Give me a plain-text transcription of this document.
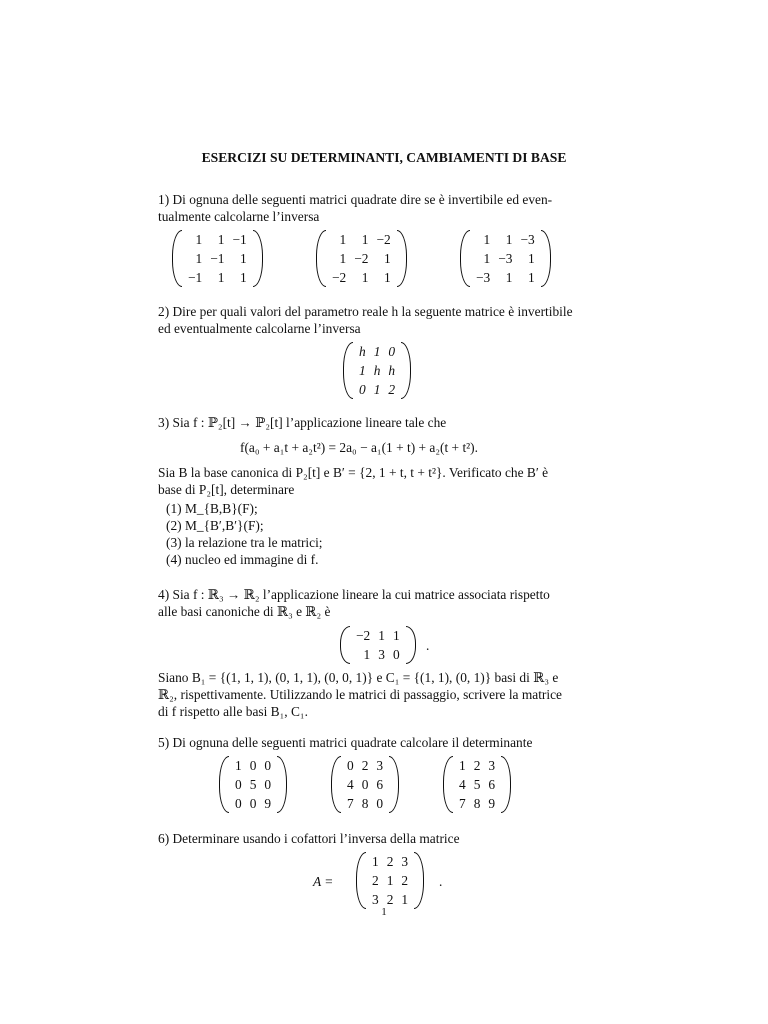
ESERCIZI SU DETERMINANTI, CAMBIAMENTI DI BASE
1) Di ognuna delle seguenti matrici quadrate dire se è invertibile ed even-
tualmente calcolarne l’inversa
1	1	−1
1	−1	1
−1	1	1
1	1	−2
1	−2	1
−2	1	1
1	1	−3
1	−3	1
−3	1	1
2) Dire per quali valori del parametro reale h la seguente matrice è invertibile
ed eventualmente calcolarne l’inversa
h	1	0
1	h	h
0	1	2
3) Sia f : ℙ₂[t] → ℙ₂[t] l’applicazione lineare tale che
f(a₀ + a₁t + a₂t²) = 2a₀ − a₁(1 + t) + a₂(t + t²).
Sia B la base canonica di P₂[t] e B′ = {2, 1 + t, t + t²}. Verificato che B′ è
base di P₂[t], determinare
(1) M_{B,B}(F);
(2) M_{B′,B′}(F);
(3) la relazione tra le matrici;
(4) nucleo ed immagine di f.
4) Sia f : ℝ₃ → ℝ₂ l’applicazione lineare la cui matrice associata rispetto
alle basi canoniche di ℝ₃ e ℝ₂ è
−2	1	1
1	3	0
.
Siano B₁ = {(1, 1, 1), (0, 1, 1), (0, 0, 1)} e C₁ = {(1, 1), (0, 1)} basi di ℝ₃ e
ℝ₂, rispettivamente. Utilizzando le matrici di passaggio, scrivere la matrice
di f rispetto alle basi B₁, C₁.
5) Di ognuna delle seguenti matrici quadrate calcolare il determinante
1	0	0
0	5	0
0	0	9
0	2	3
4	0	6
7	8	0
1	2	3
4	5	6
7	8	9
6) Determinare usando i cofattori l’inversa della matrice
A =
1	2	3
2	1	2
3	2	1
.
1
